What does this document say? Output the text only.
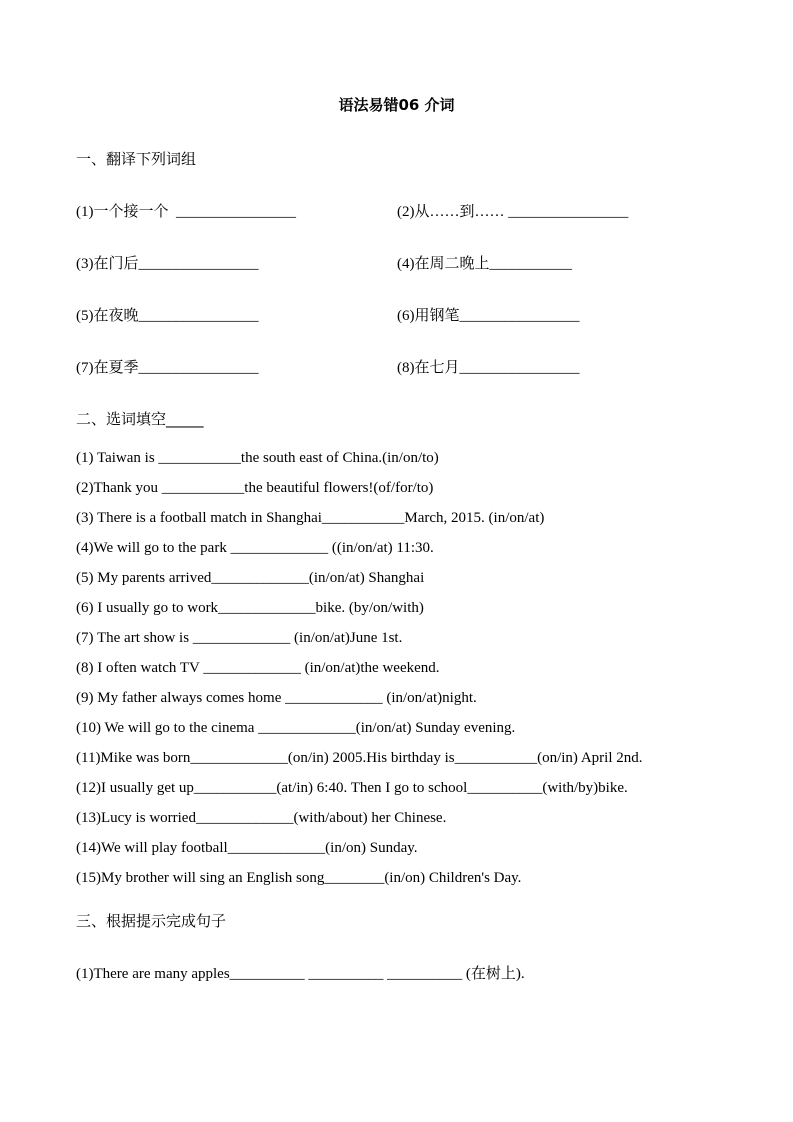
语法易错06 介词
一、翻译下列词组
(1)一个接一个  ________________	(2)从……到…… ________________
(3)在门后________________	(4)在周二晚上___________
(5)在夜晚________________	(6)用钢笔________________
(7)在夏季________________	(8)在七月________________
二、选词填空_____
(1) Taiwan is ___________the south east of China.(in/on/to)
(2)Thank you ___________the beautiful flowers!(of/for/to)
(3) There is a football match in Shanghai___________March, 2015. (in/on/at)
(4)We will go to the park _____________ ((in/on/at) 11:30.
(5) My parents arrived_____________(in/on/at) Shanghai
(6) I usually go to work_____________bike. (by/on/with)
(7) The art show is _____________ (in/on/at)June 1st.
(8) I often watch TV _____________ (in/on/at)the weekend.
(9) My father always comes home _____________ (in/on/at)night.
(10) We will go to the cinema _____________(in/on/at) Sunday evening.
(11)Mike was born_____________(on/in) 2005.His birthday is___________(on/in) April 2nd.
(12)I usually get up___________(at/in) 6:40. Then I go to school__________(with/by)bike.
(13)Lucy is worried_____________(with/about) her Chinese.
(14)We will play football_____________(in/on) Sunday.
(15)My brother will sing an English song________(in/on) Children's Day.
三、根据提示完成句子
(1)There are many apples__________ __________ __________ (在树上).
